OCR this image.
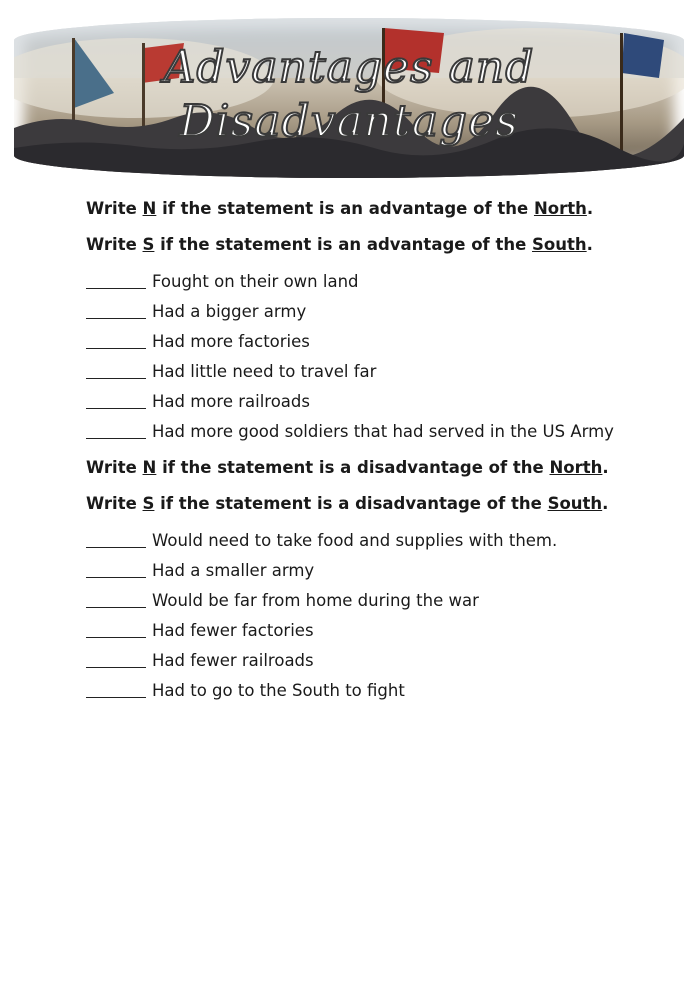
Advantages and
Disadvantages
Write N if the statement is an advantage of the North.
Write S if the statement is an advantage of the South.
Fought on their own land
Had a bigger army
Had more factories
Had little need to travel far
Had more railroads
Had more good soldiers that had served in the US Army
Write N if the statement is a disadvantage of the North.
Write S if the statement is a disadvantage of the South.
Would need to take food and supplies with them.
Had a smaller army
Would be far from home during the war
Had fewer factories
Had fewer railroads
Had to go to the South to fight
